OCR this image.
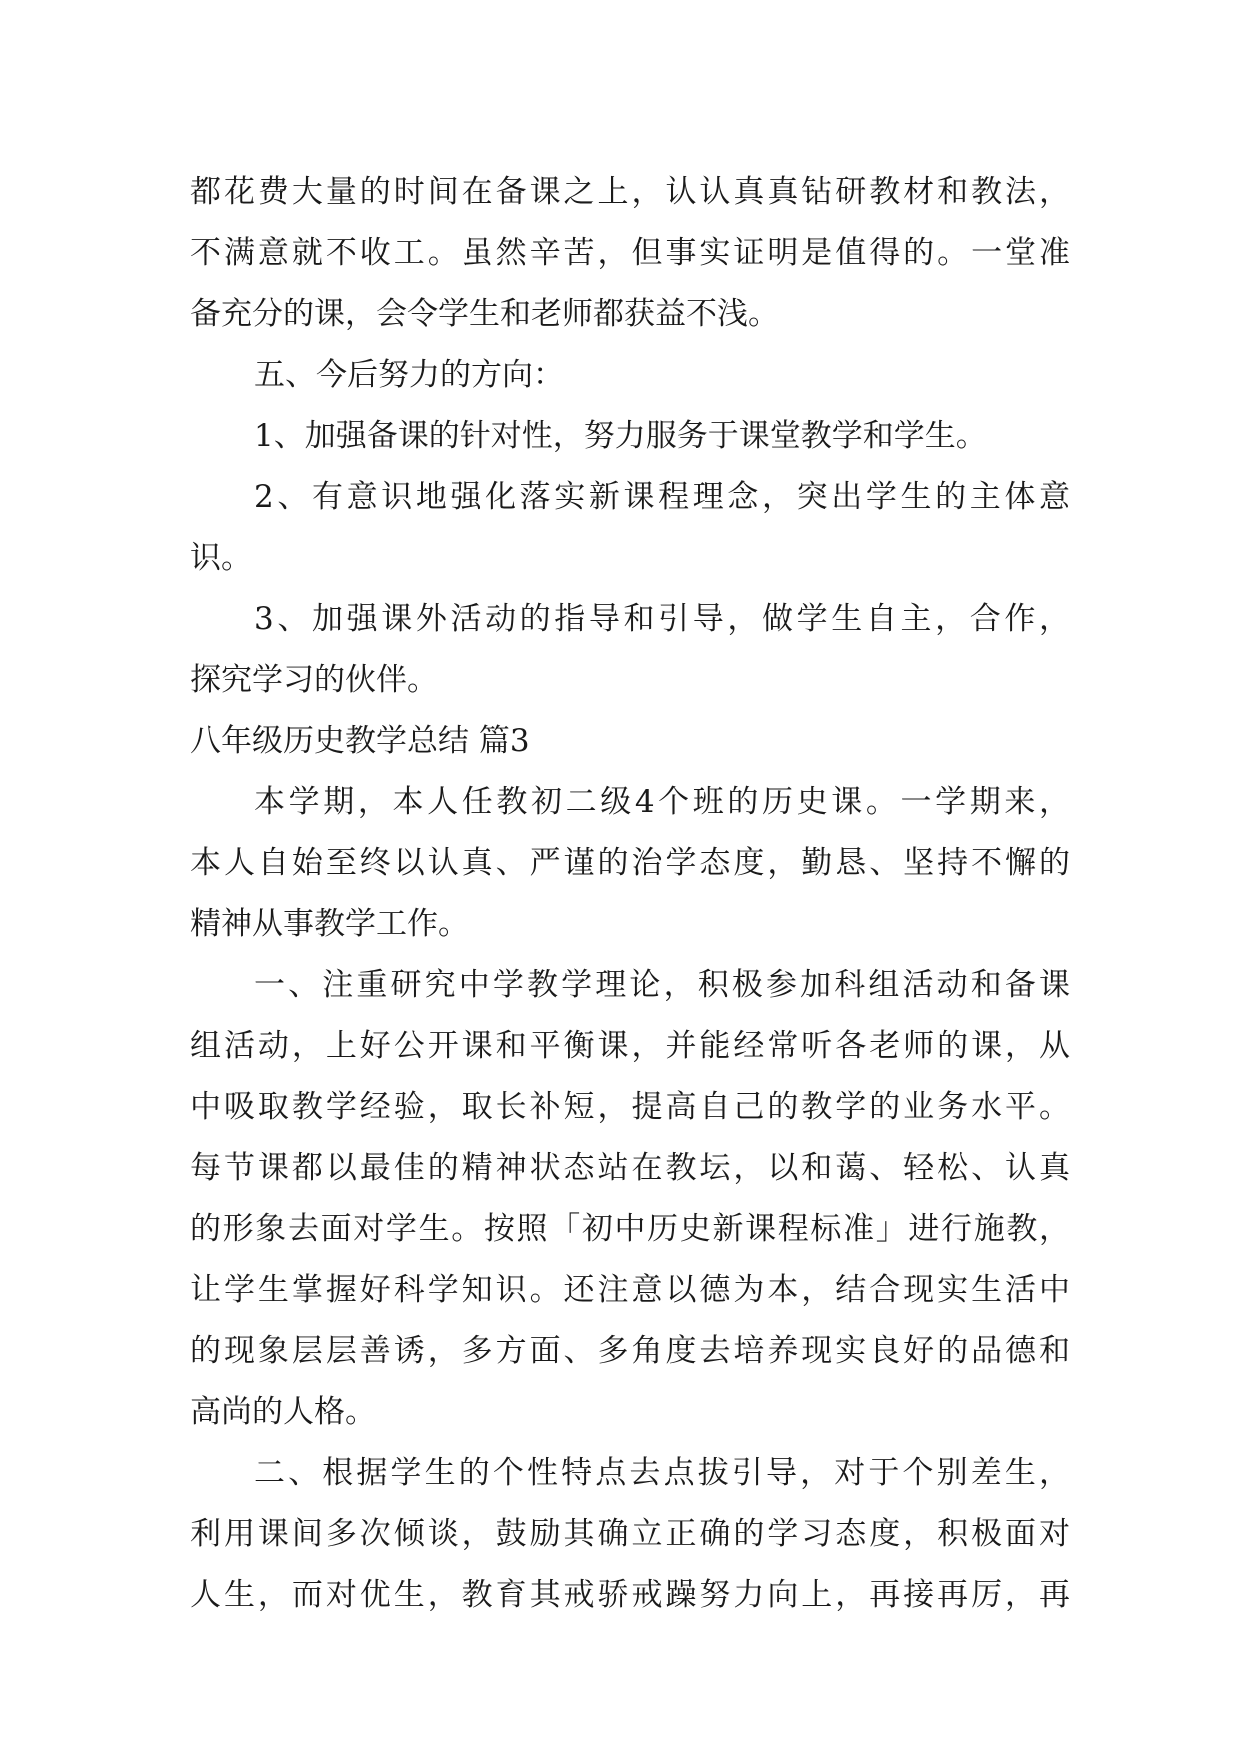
都花费大量的时间在备课之上，认认真真钻研教材和教法，
不满意就不收工。虽然辛苦，但事实证明是值得的。一堂准
备充分的课，会令学生和老师都获益不浅。
五、今后努力的方向：
1、加强备课的针对性，努力服务于课堂教学和学生。
2、有意识地强化落实新课程理念，突出学生的主体意
识。
3、加强课外活动的指导和引导，做学生自主，合作，
探究学习的伙伴。
八年级历史教学总结 篇3
本学期，本人任教初二级4个班的历史课。一学期来，
本人自始至终以认真、严谨的治学态度，勤恳、坚持不懈的
精神从事教学工作。
一、注重研究中学教学理论，积极参加科组活动和备课
组活动，上好公开课和平衡课，并能经常听各老师的课，从
中吸取教学经验，取长补短，提高自己的教学的业务水平。
每节课都以最佳的精神状态站在教坛，以和蔼、轻松、认真
的形象去面对学生。按照「初中历史新课程标准」进行施教，
让学生掌握好科学知识。还注意以德为本，结合现实生活中
的现象层层善诱，多方面、多角度去培养现实良好的品德和
高尚的人格。
二、根据学生的个性特点去点拔引导，对于个别差生，
利用课间多次倾谈，鼓励其确立正确的学习态度，积极面对
人生，而对优生，教育其戒骄戒躁努力向上，再接再厉，再
